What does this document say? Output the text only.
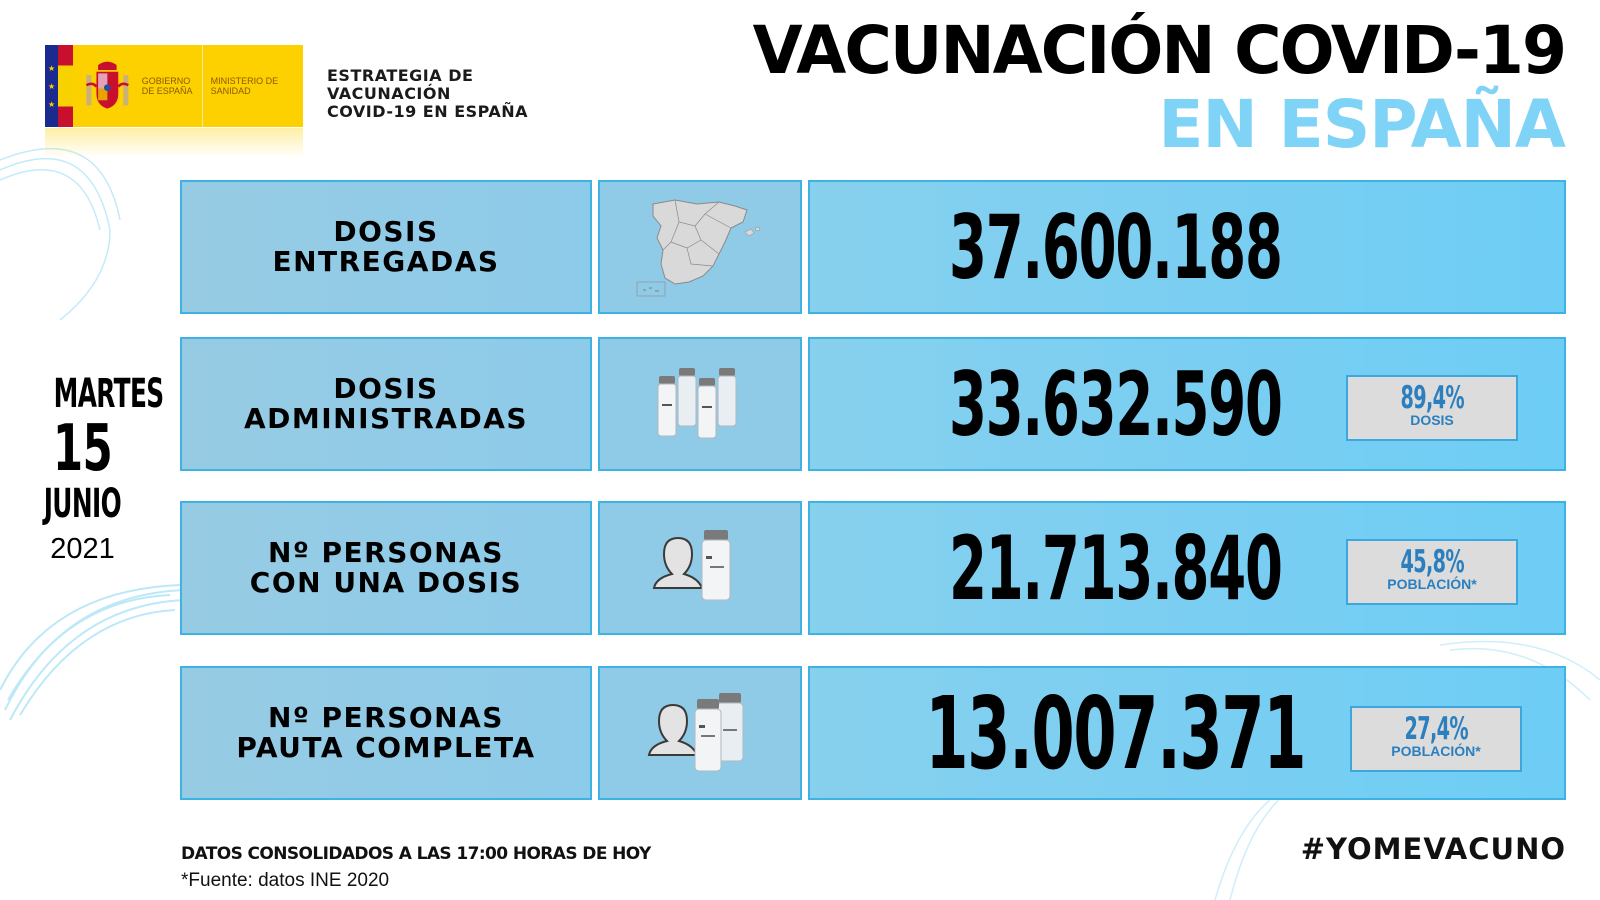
★
★
★
GOBIERNO DE ESPAÑA
MINISTERIO DE SANIDAD
ESTRATEGIA DE
VACUNACIÓN
COVID-19 EN ESPAÑA
VACUNACIÓN COVID-19
EN ESPAÑA
MARTES
15
JUNIO
2021
DOSIS
ENTREGADAS	37.600.188
DOSIS
ADMINISTRADAS	33.632.590	89,4%
DOSIS
Nº PERSONAS
CON UNA DOSIS	21.713.840	45,8%
POBLACIÓN*
Nº PERSONAS
PAUTA COMPLETA	13.007.371	27,4%
POBLACIÓN*
DATOS CONSOLIDADOS A LAS 17:00 HORAS DE HOY
*Fuente: datos INE 2020
#YOMEVACUNO
